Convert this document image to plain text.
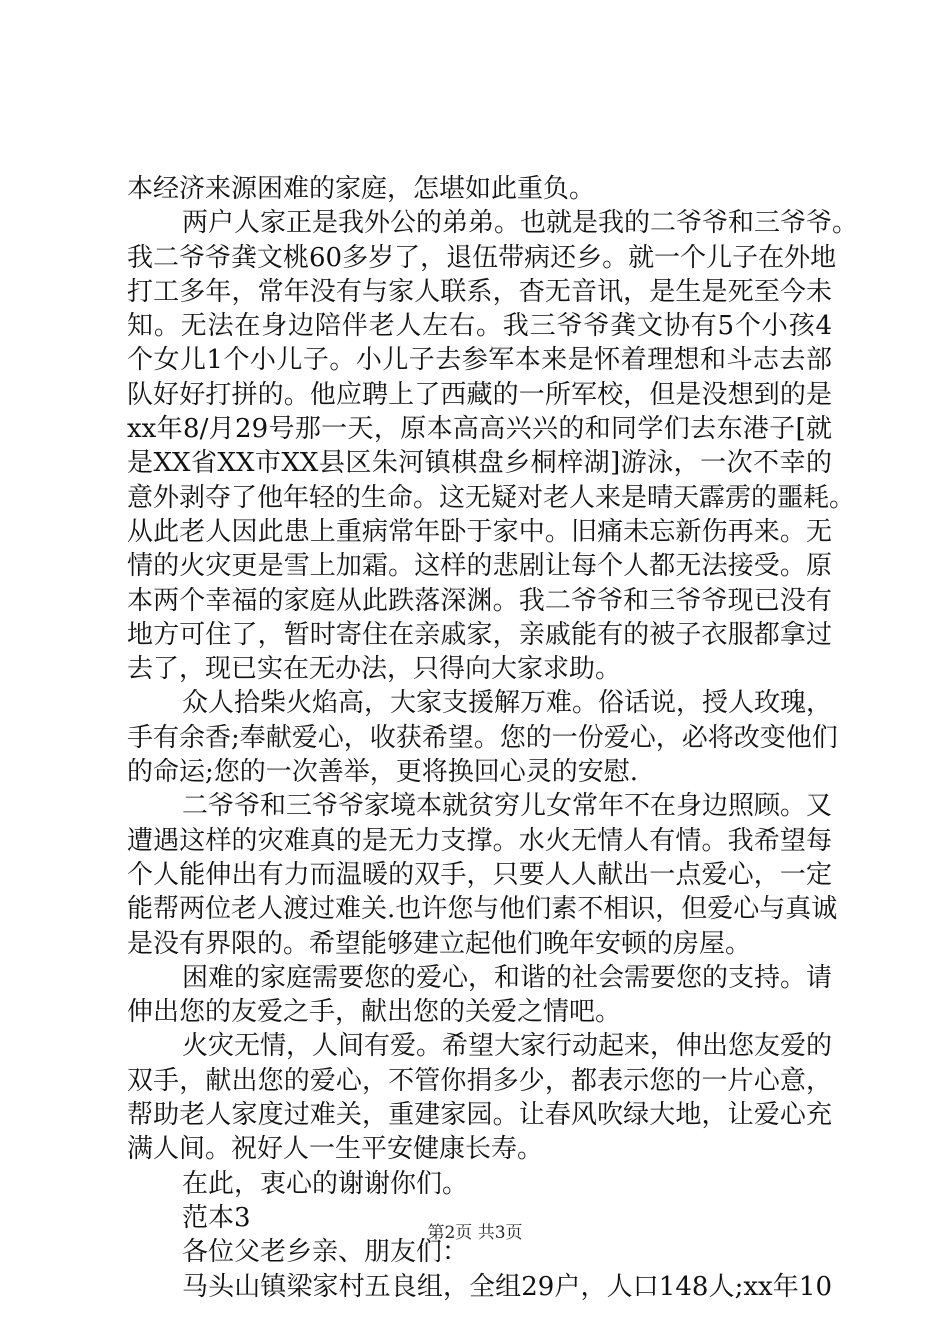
本经济来源困难的家庭，怎堪如此重负。
两户人家正是我外公的弟弟。也就是我的二爷爷和三爷爷。
我二爷爷龚文桃60多岁了，退伍带病还乡。就一个儿子在外地
打工多年，常年没有与家人联系，杳无音讯，是生是死至今未
知。无法在身边陪伴老人左右。我三爷爷龚文协有5个小孩4
个女儿1个小儿子。小儿子去参军本来是怀着理想和斗志去部
队好好打拼的。他应聘上了西藏的一所军校，但是没想到的是
xx年8/月29号那一天，原本高高兴兴的和同学们去东港子[就
是XX省XX市XX县区朱河镇棋盘乡桐梓湖]游泳，一次不幸的
意外剥夺了他年轻的生命。这无疑对老人来是晴天霹雳的噩耗。
从此老人因此患上重病常年卧于家中。旧痛未忘新伤再来。无
情的火灾更是雪上加霜。这样的悲剧让每个人都无法接受。原
本两个幸福的家庭从此跌落深渊。我二爷爷和三爷爷现已没有
地方可住了，暂时寄住在亲戚家，亲戚能有的被子衣服都拿过
去了，现已实在无办法，只得向大家求助。
众人拾柴火焰高，大家支援解万难。俗话说，授人玫瑰，
手有余香;奉献爱心，收获希望。您的一份爱心，必将改变他们
的命运;您的一次善举，更将换回心灵的安慰.
二爷爷和三爷爷家境本就贫穷儿女常年不在身边照顾。又
遭遇这样的灾难真的是无力支撑。水火无情人有情。我希望每
个人能伸出有力而温暖的双手，只要人人献出一点爱心，一定
能帮两位老人渡过难关.也许您与他们素不相识，但爱心与真诚
是没有界限的。希望能够建立起他们晚年安顿的房屋。
困难的家庭需要您的爱心，和谐的社会需要您的支持。请
伸出您的友爱之手，献出您的关爱之情吧。
火灾无情，人间有爱。希望大家行动起来，伸出您友爱的
双手，献出您的爱心，不管你捐多少，都表示您的一片心意，
帮助老人家度过难关，重建家园。让春风吹绿大地，让爱心充
满人间。祝好人一生平安健康长寿。
在此，衷心的谢谢你们。
范本3
各位父老乡亲、朋友们：
马头山镇梁家村五良组，全组29户，人口148人;xx年10
第2页 共3页
